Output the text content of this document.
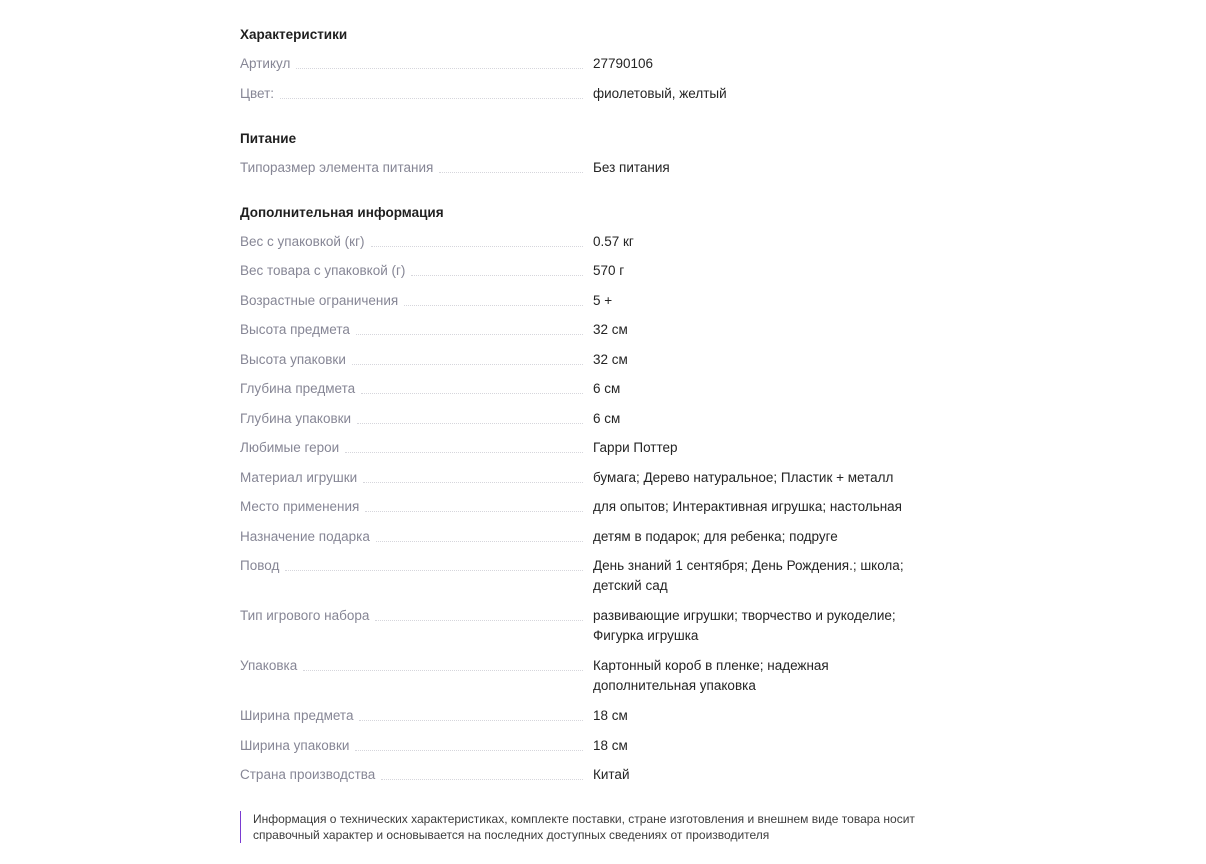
Характеристики
Артикул	27790106
Цвет:	фиолетовый, желтый
Питание
Типоразмер элемента питания	Без питания
Дополнительная информация
Вес с упаковкой (кг)	0.57 кг
Вес товара с упаковкой (г)	570 г
Возрастные ограничения	5 +
Высота предмета	32 см
Высота упаковки	32 см
Глубина предмета	6 см
Глубина упаковки	6 см
Любимые герои	Гарри Поттер
Материал игрушки	бумага; Дерево натуральное; Пластик + металл
Место применения	для опытов; Интерактивная игрушка; настольная
Назначение подарка	детям в подарок; для ребенка; подруге
Повод	День знаний 1 сентября; День Рождения.; школа; детский сад
Тип игрового набора	развивающие игрушки; творчество и рукоделие; Фигурка игрушка
Упаковка	Картонный короб в пленке; надежная дополнительная упаковка
Ширина предмета	18 см
Ширина упаковки	18 см
Страна производства	Китай
Информация о технических характеристиках, комплекте поставки, стране изготовления и внешнем виде товара носит справочный характер и основывается на последних доступных сведениях от производителя
